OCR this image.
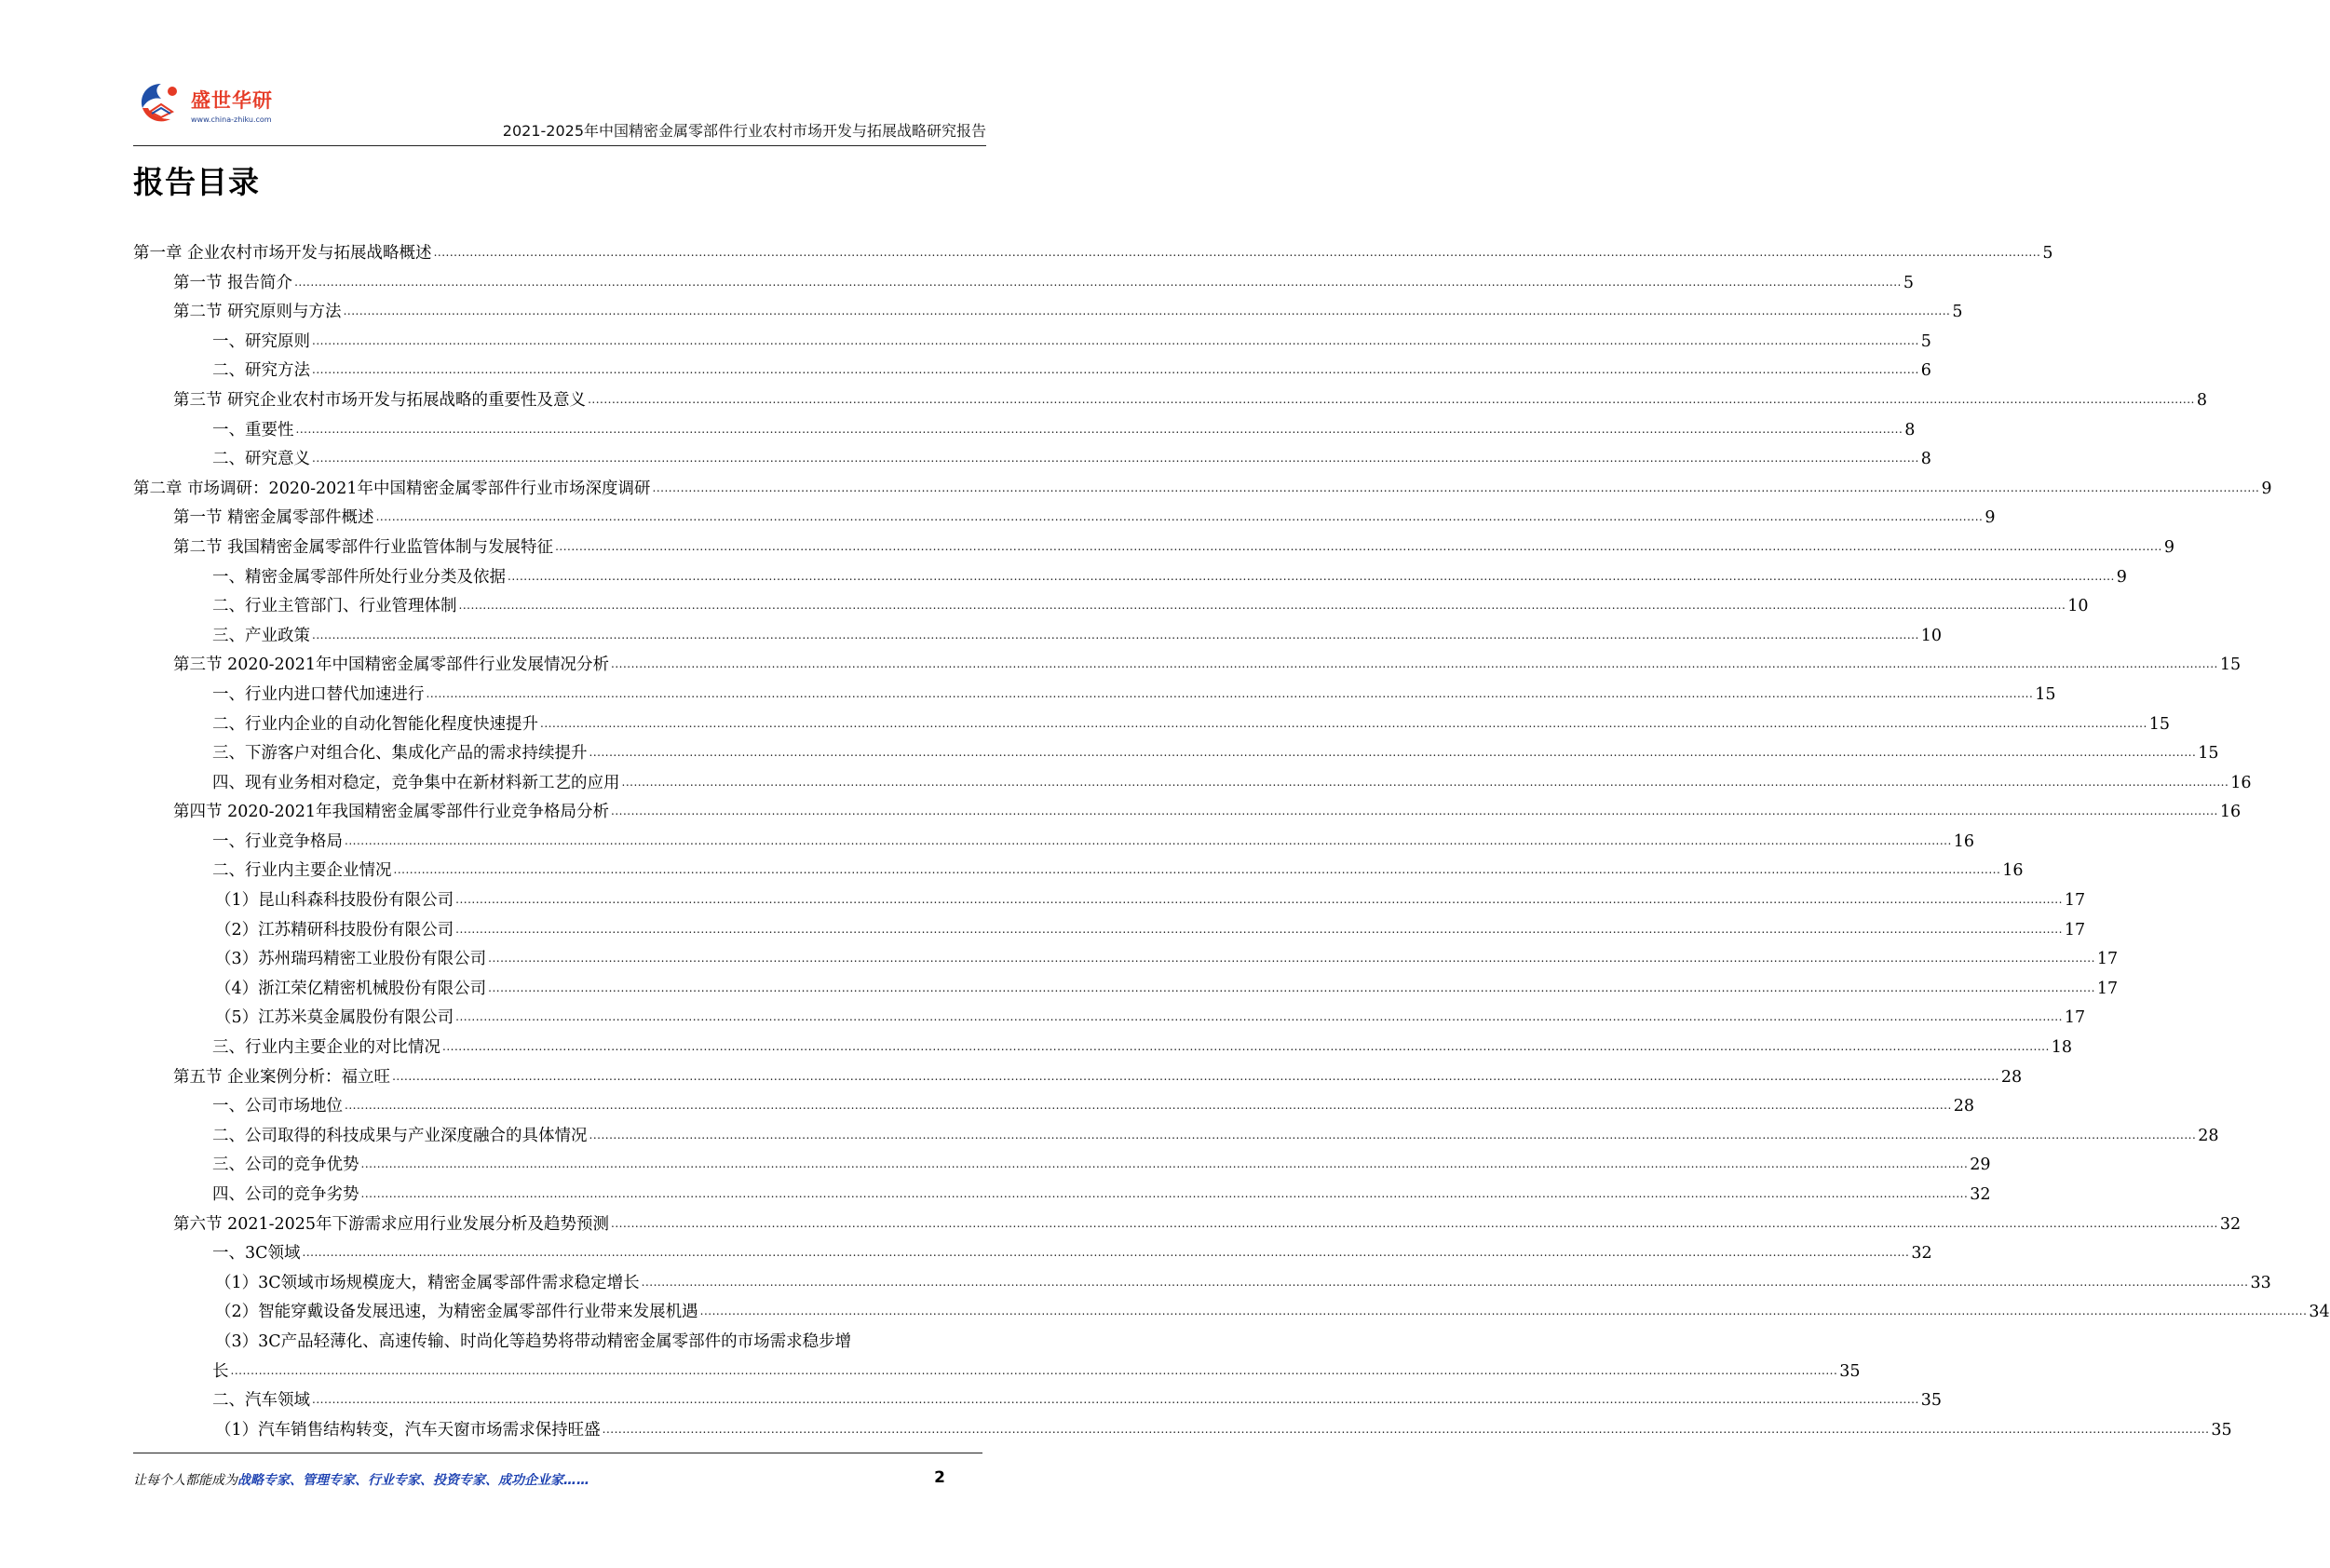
盛世华研
www.china-zhiku.com
2021-2025年中国精密金属零部件行业农村市场开发与拓展战略研究报告
报告目录
第一章 企业农村市场开发与拓展战略概述 ................................................................................................................................................................................................................................................................................................................................................................................................................ 5
第一节 报告简介 ................................................................................................................................................................................................................................................................................................................................................................................................................ 5
第二节 研究原则与方法 ................................................................................................................................................................................................................................................................................................................................................................................................................ 5
一、研究原则 ................................................................................................................................................................................................................................................................................................................................................................................................................ 5
二、研究方法 ................................................................................................................................................................................................................................................................................................................................................................................................................ 6
第三节 研究企业农村市场开发与拓展战略的重要性及意义 ................................................................................................................................................................................................................................................................................................................................................................................................................ 8
一、重要性 ................................................................................................................................................................................................................................................................................................................................................................................................................ 8
二、研究意义 ................................................................................................................................................................................................................................................................................................................................................................................................................ 8
第二章 市场调研：2020-2021年中国精密金属零部件行业市场深度调研 ................................................................................................................................................................................................................................................................................................................................................................................................................ 9
第一节 精密金属零部件概述 ................................................................................................................................................................................................................................................................................................................................................................................................................ 9
第二节 我国精密金属零部件行业监管体制与发展特征 ................................................................................................................................................................................................................................................................................................................................................................................................................ 9
一、精密金属零部件所处行业分类及依据 ................................................................................................................................................................................................................................................................................................................................................................................................................ 9
二、行业主管部门、行业管理体制 ................................................................................................................................................................................................................................................................................................................................................................................................................ 10
三、产业政策 ................................................................................................................................................................................................................................................................................................................................................................................................................ 10
第三节 2020-2021年中国精密金属零部件行业发展情况分析 ................................................................................................................................................................................................................................................................................................................................................................................................................ 15
一、行业内进口替代加速进行 ................................................................................................................................................................................................................................................................................................................................................................................................................ 15
二、行业内企业的自动化智能化程度快速提升 ................................................................................................................................................................................................................................................................................................................................................................................................................ 15
三、下游客户对组合化、集成化产品的需求持续提升 ................................................................................................................................................................................................................................................................................................................................................................................................................ 15
四、现有业务相对稳定，竞争集中在新材料新工艺的应用 ................................................................................................................................................................................................................................................................................................................................................................................................................ 16
第四节 2020-2021年我国精密金属零部件行业竞争格局分析 ................................................................................................................................................................................................................................................................................................................................................................................................................ 16
一、行业竞争格局 ................................................................................................................................................................................................................................................................................................................................................................................................................ 16
二、行业内主要企业情况 ................................................................................................................................................................................................................................................................................................................................................................................................................ 16
（1）昆山科森科技股份有限公司 ................................................................................................................................................................................................................................................................................................................................................................................................................ 17
（2）江苏精研科技股份有限公司 ................................................................................................................................................................................................................................................................................................................................................................................................................ 17
（3）苏州瑞玛精密工业股份有限公司 ................................................................................................................................................................................................................................................................................................................................................................................................................ 17
（4）浙江荣亿精密机械股份有限公司 ................................................................................................................................................................................................................................................................................................................................................................................................................ 17
（5）江苏米莫金属股份有限公司 ................................................................................................................................................................................................................................................................................................................................................................................................................ 17
三、行业内主要企业的对比情况 ................................................................................................................................................................................................................................................................................................................................................................................................................ 18
第五节 企业案例分析：福立旺 ................................................................................................................................................................................................................................................................................................................................................................................................................ 28
一、公司市场地位 ................................................................................................................................................................................................................................................................................................................................................................................................................ 28
二、公司取得的科技成果与产业深度融合的具体情况 ................................................................................................................................................................................................................................................................................................................................................................................................................ 28
三、公司的竞争优势 ................................................................................................................................................................................................................................................................................................................................................................................................................ 29
四、公司的竞争劣势 ................................................................................................................................................................................................................................................................................................................................................................................................................ 32
第六节 2021-2025年下游需求应用行业发展分析及趋势预测 ................................................................................................................................................................................................................................................................................................................................................................................................................ 32
一、3C领域 ................................................................................................................................................................................................................................................................................................................................................................................................................ 32
（1）3C领域市场规模庞大，精密金属零部件需求稳定增长 ................................................................................................................................................................................................................................................................................................................................................................................................................ 33
（2）智能穿戴设备发展迅速，为精密金属零部件行业带来发展机遇 ................................................................................................................................................................................................................................................................................................................................................................................................................ 34
（3）3C产品轻薄化、高速传输、时尚化等趋势将带动精密金属零部件的市场需求稳步增
长 ................................................................................................................................................................................................................................................................................................................................................................................................................ 35
二、汽车领域 ................................................................................................................................................................................................................................................................................................................................................................................................................ 35
（1）汽车销售结构转变，汽车天窗市场需求保持旺盛 ................................................................................................................................................................................................................................................................................................................................................................................................................ 35
让每个人都能成为战略专家、管理专家、行业专家、投资专家、成功企业家……	2
